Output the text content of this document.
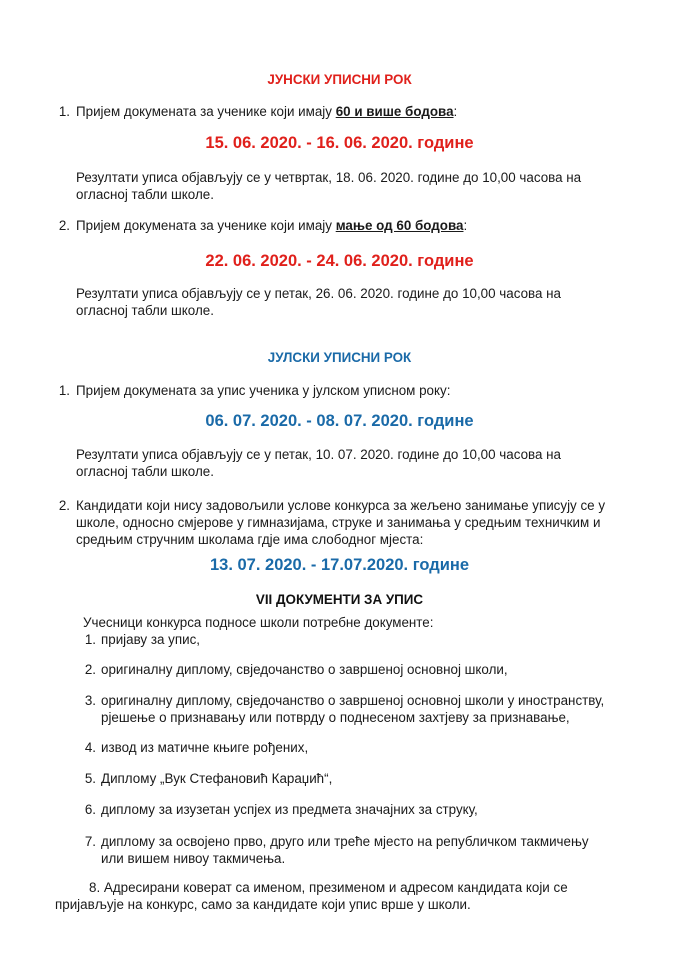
ЈУНСКИ УПИСНИ РОК
1. Пријем докумената за ученике који имају 60 и више бодова:
15. 06. 2020. - 16. 06. 2020. године
Резултати уписа објављују се у четвртак, 18. 06. 2020. године до 10,00 часова на
огласној табли школе.
2. Пријем докумената за ученике који имају мање од 60 бодова:
22. 06. 2020. - 24. 06. 2020. године
Резултати уписа објављују се у петак, 26. 06. 2020. године до 10,00 часова на
огласној табли школе.
ЈУЛСКИ УПИСНИ РОК
1. Пријем докумената за упис ученика у јулском уписном року:
06. 07. 2020. - 08. 07. 2020. године
Резултати уписа објављују се у петак, 10. 07. 2020. године до 10,00 часова на
огласној табли школе.
2. Кандидати који нису задовољили услове конкурса за жељено занимање уписују се у
школе, односно смјерове у гимназијама, струке и занимања у средњим техничким и
средњим стручним школама гдје има слободног мјеста:
13. 07. 2020. - 17.07.2020. године
VII ДОКУМЕНТИ ЗА УПИС
Учесници конкурса подносе школи потребне документе:
1. пријаву за упис,
2. оригиналну диплому, свједочанство о завршеној основној школи,
3. оригиналну диплому, свједочанство о завршеној основној школи у иностранству,
рјешење о признавању или потврду о поднесеном захтјеву за признавање,
4. извод из матичне књиге рођених,
5. Диплому „Вук Стефановић Караџић“,
6. диплому за изузетан успјех из предмета значајних за струку,
7. диплому за освојено прво, друго или треће мјесто на републичком такмичењу
или вишем нивоу такмичења.
8. Адресирани коверат са именом, презименом и адресом кандидата који се
пријављује на конкурс, само за кандидате који упис врше у школи.
